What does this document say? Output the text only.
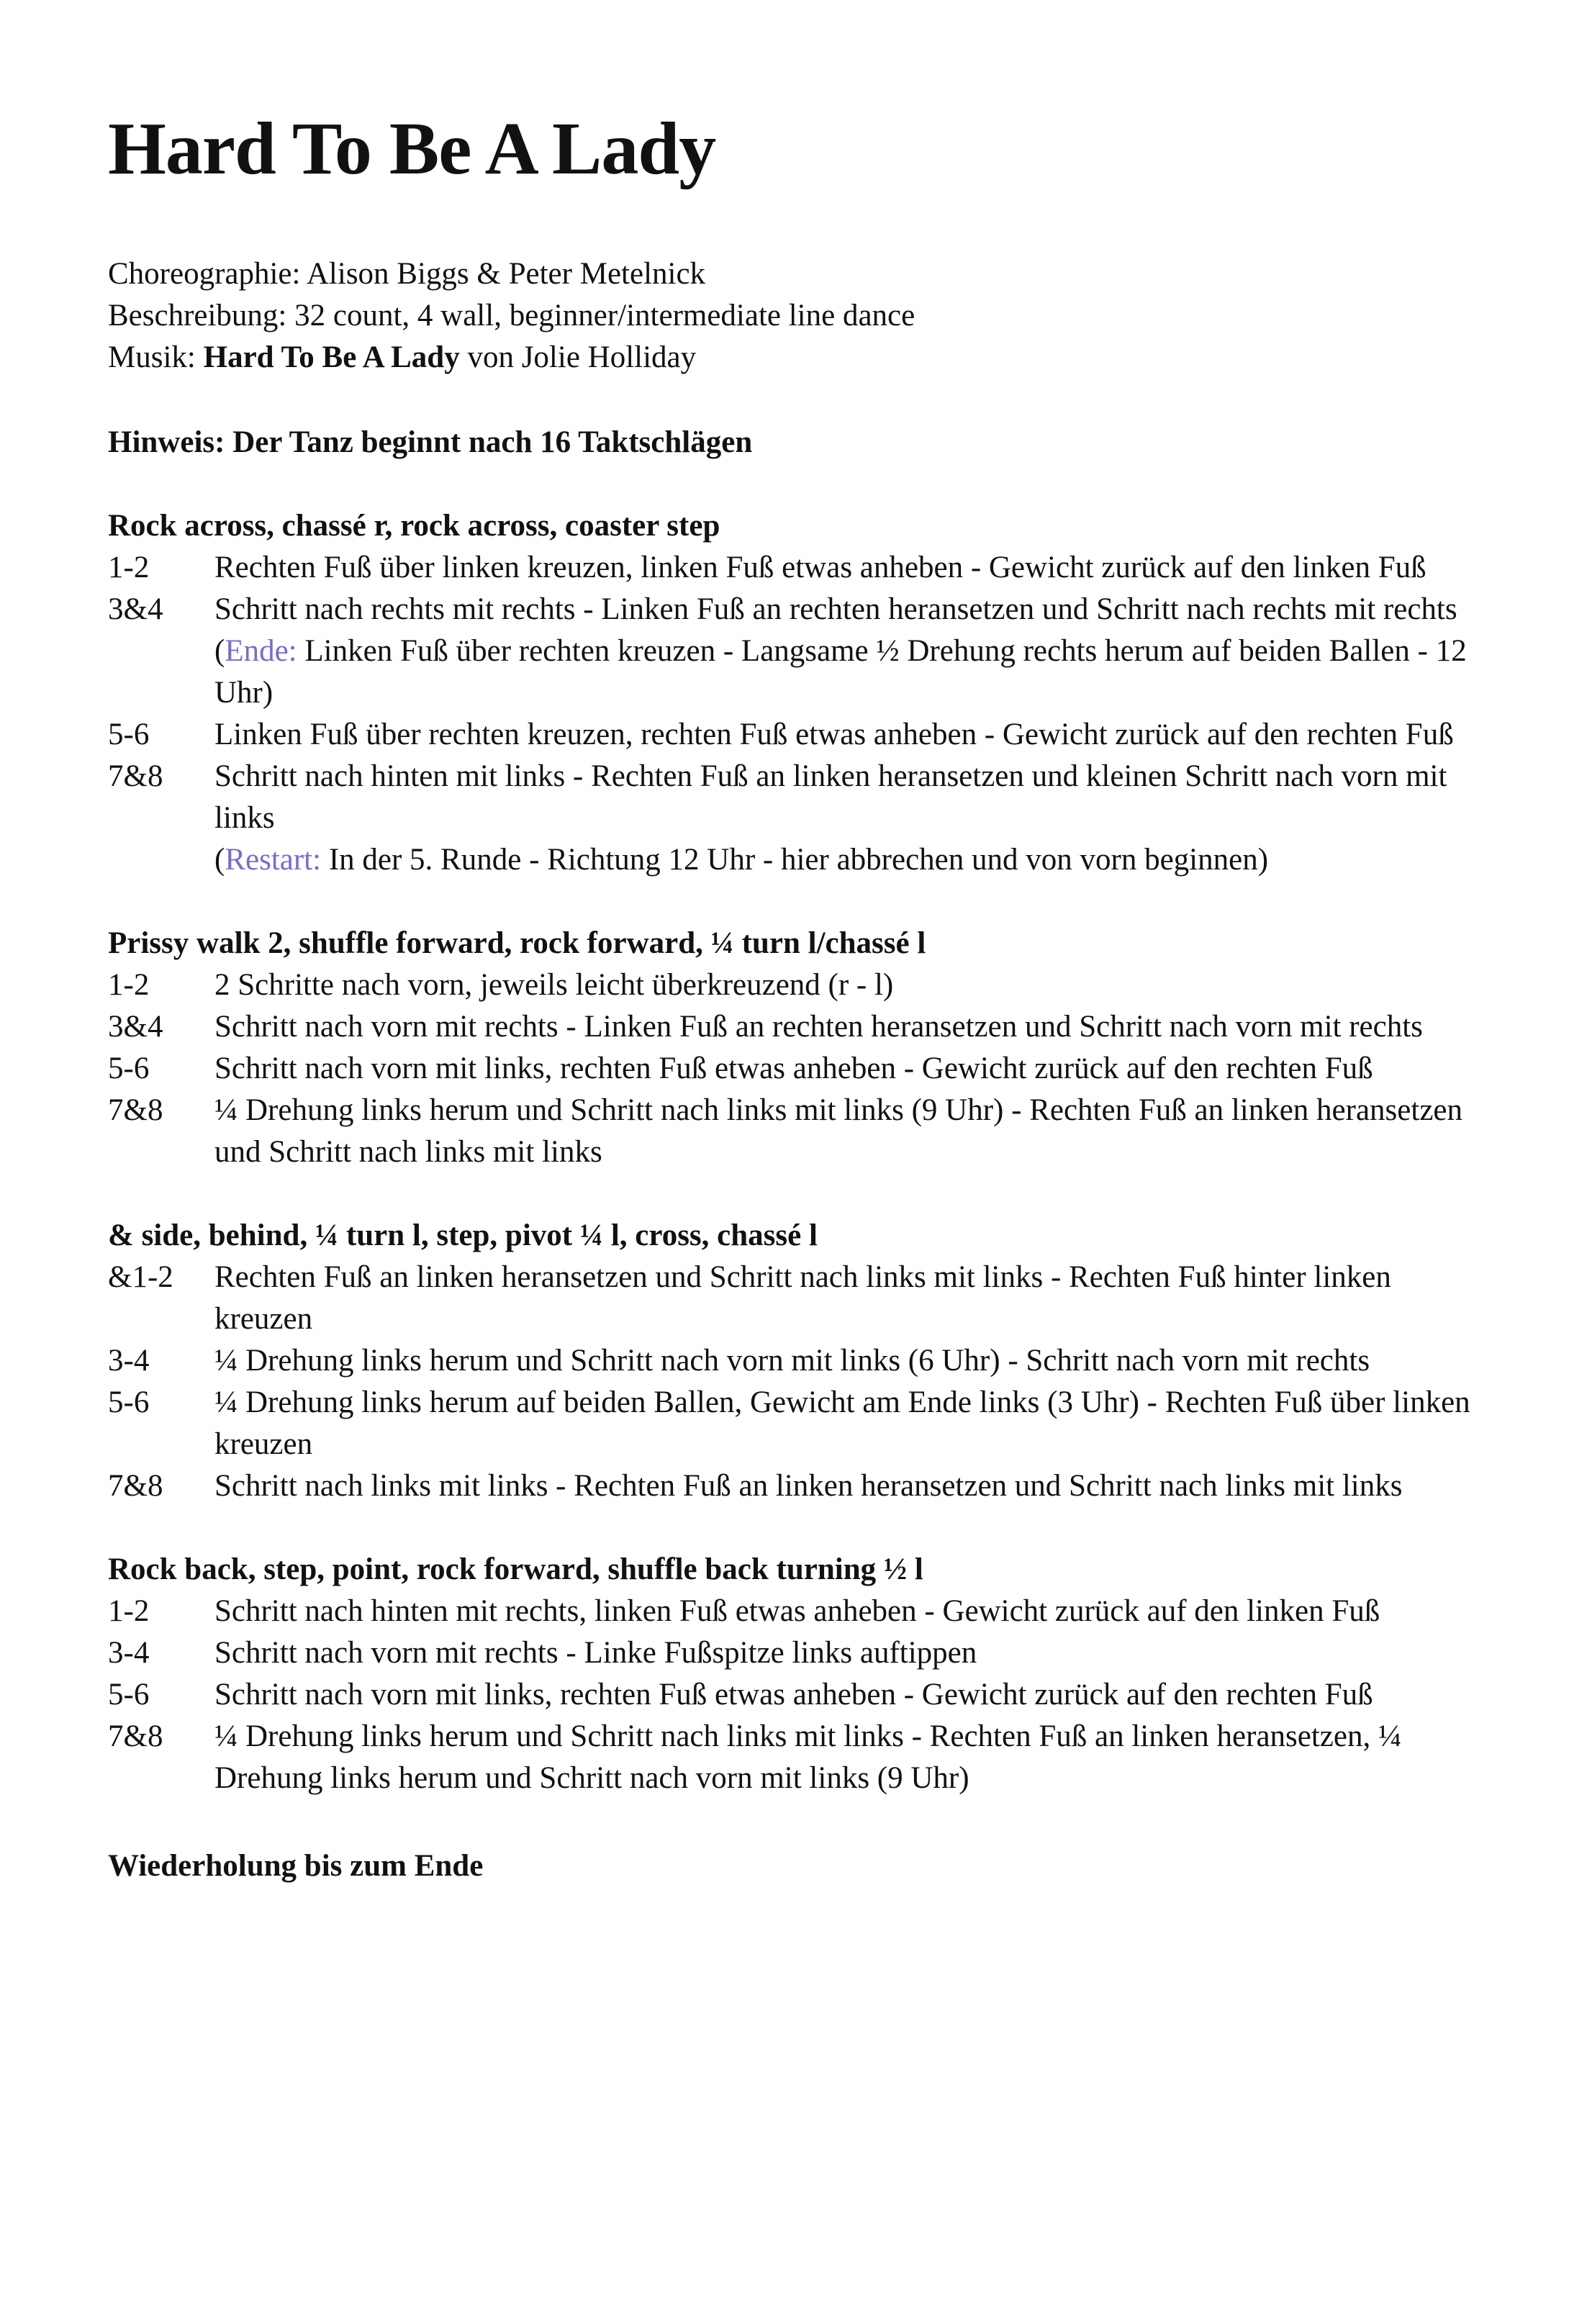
Hard To Be A Lady
Choreographie: Alison Biggs & Peter Metelnick
Beschreibung: 32 count, 4 wall, beginner/intermediate line dance
Musik: Hard To Be A Lady von Jolie Holliday
Hinweis: Der Tanz beginnt nach 16 Taktschlägen
Rock across, chassé r, rock across, coaster step
1-2	Rechten Fuß über linken kreuzen, linken Fuß etwas anheben - Gewicht zurück auf den linken Fuß
3&4	Schritt nach rechts mit rechts - Linken Fuß an rechten heransetzen und Schritt nach rechts mit rechts
(Ende: Linken Fuß über rechten kreuzen - Langsame ½ Drehung rechts herum auf beiden Ballen - 12 Uhr)
5-6	Linken Fuß über rechten kreuzen, rechten Fuß etwas anheben - Gewicht zurück auf den rechten Fuß
7&8	Schritt nach hinten mit links - Rechten Fuß an linken heransetzen und kleinen Schritt nach vorn mit links
(Restart: In der 5. Runde - Richtung 12 Uhr - hier abbrechen und von vorn beginnen)
Prissy walk 2, shuffle forward, rock forward, ¼ turn l/chassé l
1-2	2 Schritte nach vorn, jeweils leicht überkreuzend (r - l)
3&4	Schritt nach vorn mit rechts - Linken Fuß an rechten heransetzen und Schritt nach vorn mit rechts
5-6	Schritt nach vorn mit links, rechten Fuß etwas anheben - Gewicht zurück auf den rechten Fuß
7&8	¼ Drehung links herum und Schritt nach links mit links (9 Uhr) - Rechten Fuß an linken heransetzen und Schritt nach links mit links
& side, behind, ¼ turn l, step, pivot ¼ l, cross, chassé l
&1-2	Rechten Fuß an linken heransetzen und Schritt nach links mit links - Rechten Fuß hinter linken kreuzen
3-4	¼ Drehung links herum und Schritt nach vorn mit links (6 Uhr) - Schritt nach vorn mit rechts
5-6	¼ Drehung links herum auf beiden Ballen, Gewicht am Ende links (3 Uhr) - Rechten Fuß über linken kreuzen
7&8	Schritt nach links mit links - Rechten Fuß an linken heransetzen und Schritt nach links mit links
Rock back, step, point, rock forward, shuffle back turning ½ l
1-2	Schritt nach hinten mit rechts, linken Fuß etwas anheben - Gewicht zurück auf den linken Fuß
3-4	Schritt nach vorn mit rechts - Linke Fußspitze links auftippen
5-6	Schritt nach vorn mit links, rechten Fuß etwas anheben - Gewicht zurück auf den rechten Fuß
7&8	¼ Drehung links herum und Schritt nach links mit links - Rechten Fuß an linken heransetzen, ¼ Drehung links herum und Schritt nach vorn mit links (9 Uhr)
Wiederholung bis zum Ende
